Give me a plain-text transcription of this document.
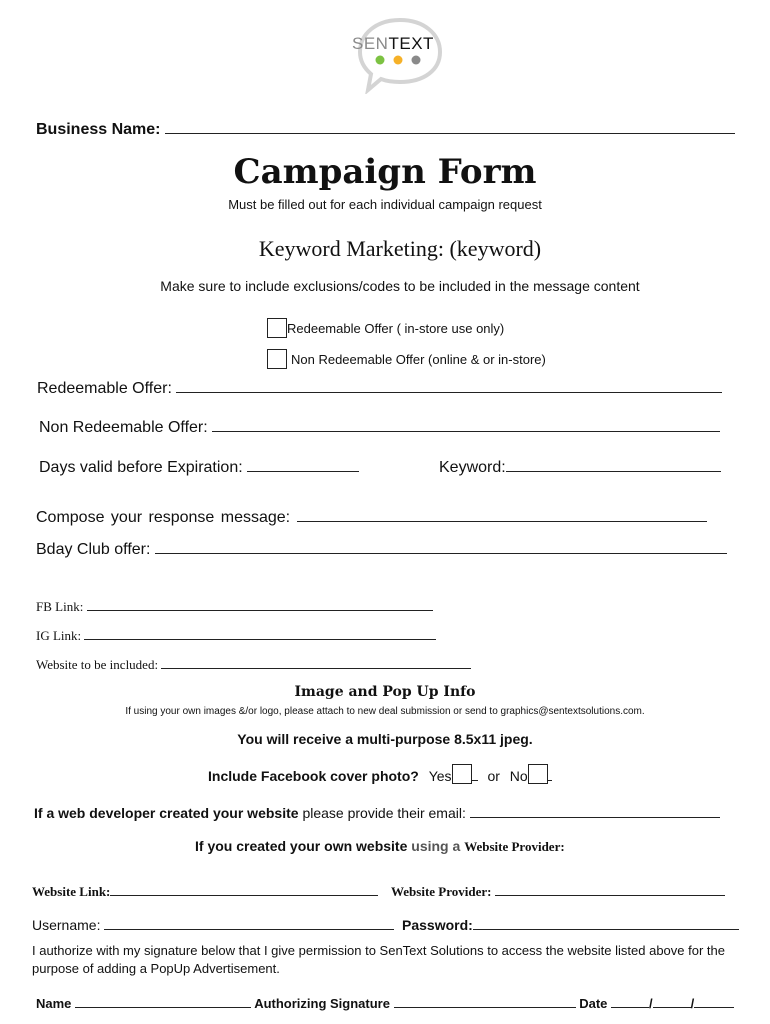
SENTEXT
Business Name:
Campaign Form
Must be filled out for each individual campaign request
Keyword Marketing: (keyword)
Make sure to include exclusions/codes to be included in the message content
Redeemable Offer ( in-store use only)
Non Redeemable Offer (online & or in-store)
Redeemable Offer:
Non Redeemable Offer:
Days valid before Expiration:	Keyword:
Compose your response message:
Bday Club offer:
FB Link:
IG Link:
Website to be included:
Image and Pop Up Info
If using your own images &/or logo, please attach to new deal submission or send to graphics@sentextsolutions.com.
You will receive a multi-purpose 8.5x11 jpeg.
Include Facebook cover photo? Yes	or No
If a web developer created your website please provide their email:
If you created your own website using a Website Provider:
Website Link:	Website Provider:
Username:	Password:
I authorize with my signature below that I give permission to SenText Solutions to access the website listed above for the purpose of adding a PopUp Advertisement.
Name	Authorizing Signature	Date	/	/
